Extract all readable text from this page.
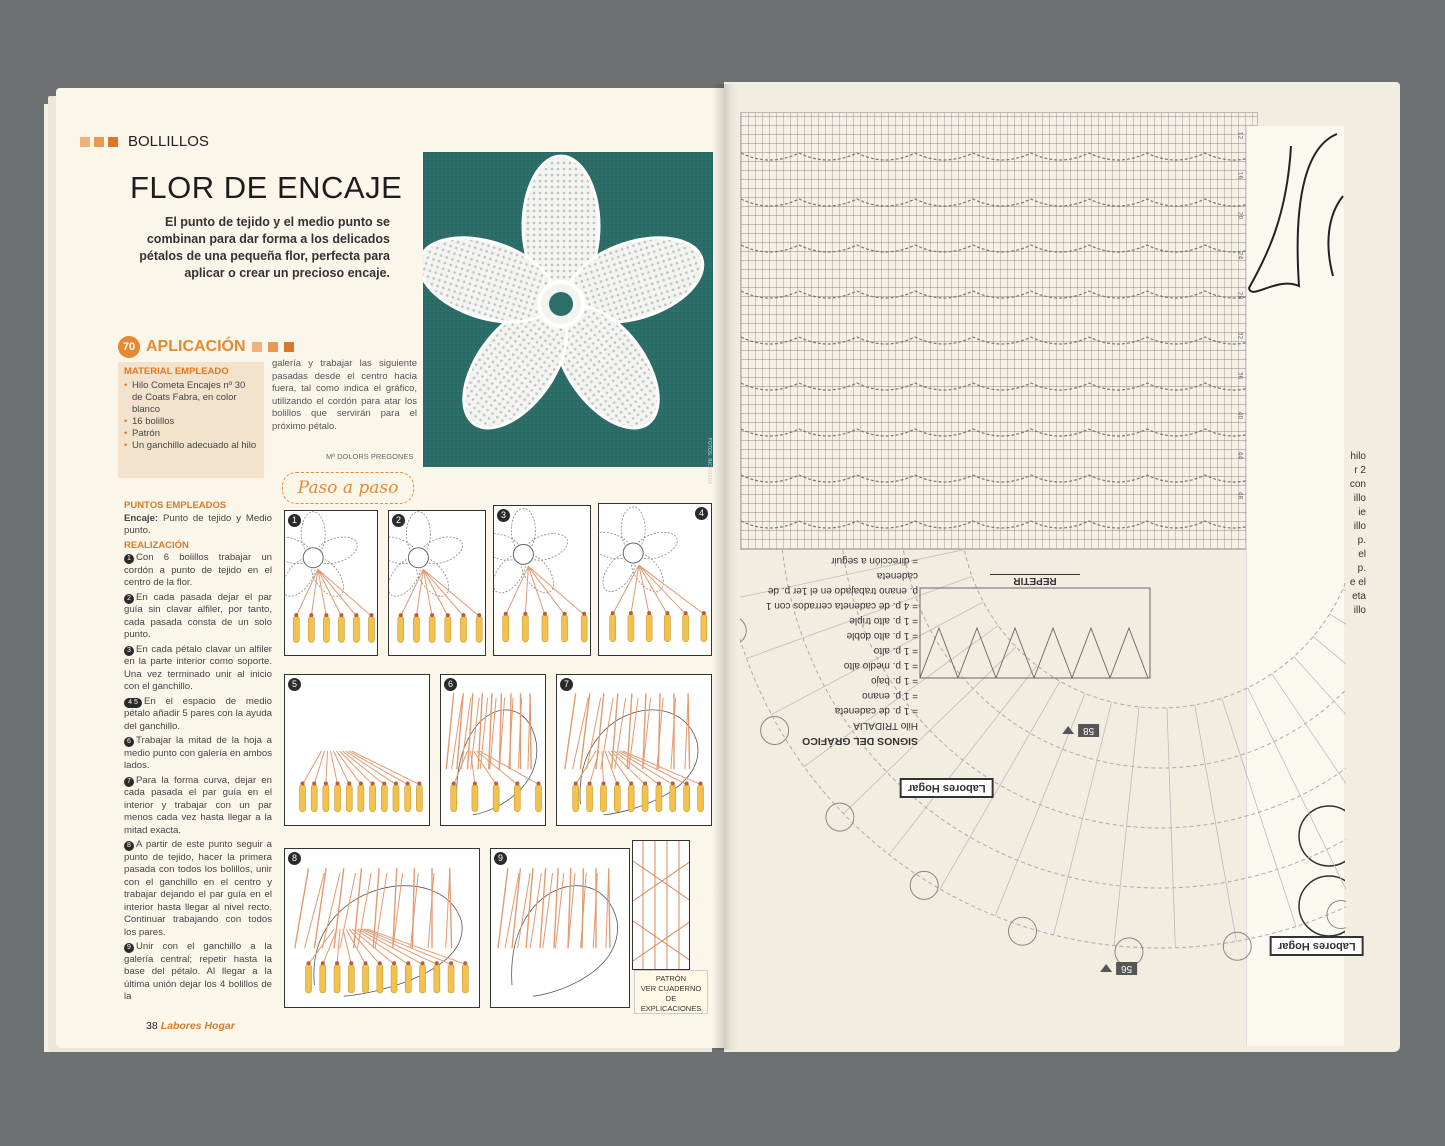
BOLLILLOS
FLOR DE ENCAJE
El punto de tejido y el medio punto se combinan para dar forma a los delicados pétalos de una pequeña flor, perfecta para aplicar o crear un precioso encaje.
FOTOS: RICAMARE
70 APLICACIÓN
MATERIAL EMPLEADO
• Hilo Cometa Encajes nº 30 de Coats Fabra, en color blanco
• 16 bolillos
• Patrón
• Un ganchillo adecuado al hilo
galería y trabajar las siguiente pasadas desde el centro hacia fuera, tal como indica el gráfico, utilizando el cordón para atar los bolillos que servirán para el próximo pétalo.
Mª DOLORS PREGONES
Paso a paso
PUNTOS EMPLEADOS

Encaje: Punto de tejido y Medio punto.

REALIZACIÓN

1 Con 6 bolillos trabajar un cordón a punto de tejido en el centro de la flor.

2 En cada pasada dejar el par guía sin clavar alfiler, por tanto, cada pasada consta de un solo punto.

3 En cada pétalo clavar un alfiler en la parte interior como soporte. Una vez terminado unir al inicio con el ganchillo.

4 5 En el espacio de medio pétalo añadir 5 pares con la ayuda del ganchillo.

6 Trabajar la mitad de la hoja a medio punto con galería en ambos lados.

7 Para la forma curva, dejar en cada pasada el par guía en el interior y trabajar con un par menos cada vez hasta llegar a la mitad exacta.

8 A partir de este punto seguir a punto de tejido, hacer la primera pasada con todos los bolillos, unir con el ganchillo en el centro y trabajar dejando el par guía en el interior hasta llegar al nivel recto. Continuar trabajando con todos los pares.

9 Unir con el ganchillo a la galería central; repetir hasta la base del pétalo. Al llegar a la última unión dejar los 4 bolillos de la

1	2	3	4
5	6	7
8	9
PATRÓN
VER CUADERNO
DE EXPLICACIONES
38 Labores Hogar
12
16
20
24
28
32
36
40
44
48
hilo
r 2
con
illo
ie
illo
p.
el
p.
e el
eta
illo
SIGNOS DEL GRÁFICO
Hilo TRIDALIA
= 1 p. de cadeneta
= 1 p. enano
= 1 p. bajo
= 1 p. medio alto
= 1 p. alto
= 1 p. alto doble
= 1 p. alto triple
= 4 p. de cadeneta cerrados con 1 p. enano trabajado en el 1er p. de cadeneta
= dirección a seguir
REPETIR
Labores Hogar
Labores Hogar
58
56
